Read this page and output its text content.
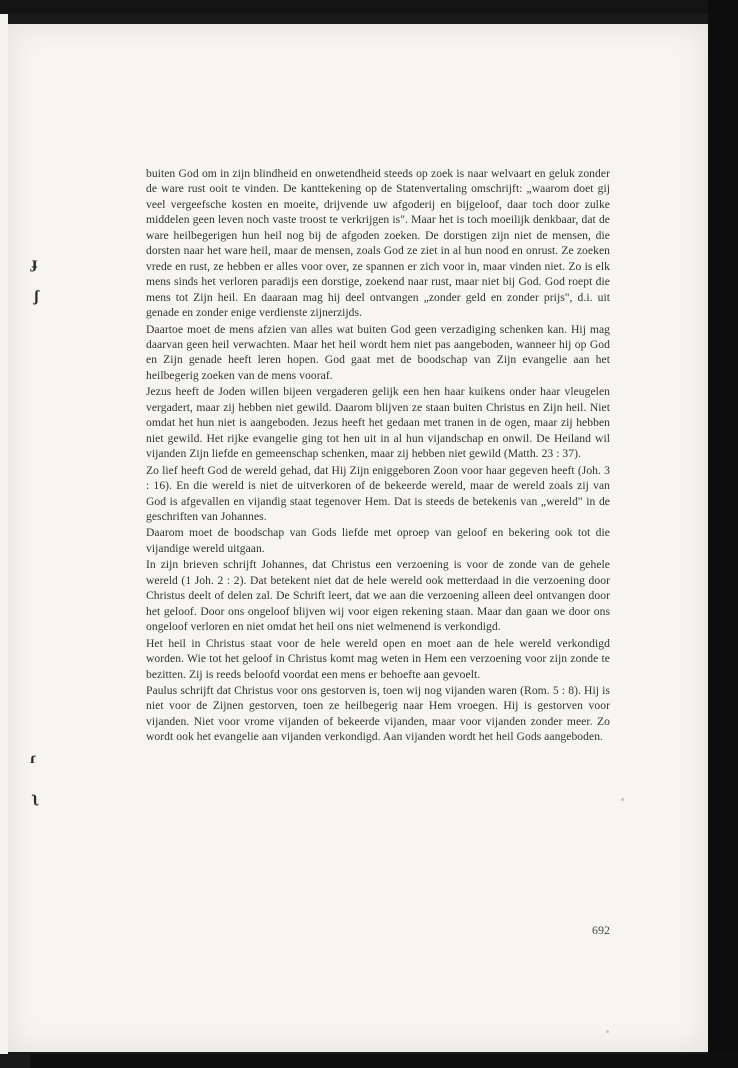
ɟ
ʃ
ɾ
ʅ

buiten God om in zijn blindheid en onwetendheid steeds op zoek is naar welvaart en geluk zonder de ware rust ooit te vinden. De kanttekening op de Statenvertaling omschrijft: „waarom doet gij veel vergeefsche kosten en moeite, drijvende uw afgoderij en bijgeloof, daar toch door zulke middelen geen leven noch vaste troost te verkrijgen is". Maar het is toch moeilijk denkbaar, dat de ware heilbegerigen hun heil nog bij de afgoden zoeken. De dorstigen zijn niet de mensen, die dorsten naar het ware heil, maar de mensen, zoals God ze ziet in al hun nood en onrust. Ze zoeken vrede en rust, ze hebben er alles voor over, ze spannen er zich voor in, maar vinden niet. Zo is elk mens sinds het verloren paradijs een dorstige, zoekend naar rust, maar niet bij God. God roept die mens tot Zijn heil. En daaraan mag hij deel ontvangen „zonder geld en zonder prijs", d.i. uit genade en zonder enige verdienste zijnerzijds.

Daartoe moet de mens afzien van alles wat buiten God geen verzadiging schenken kan. Hij mag daarvan geen heil verwachten. Maar het heil wordt hem niet pas aangeboden, wanneer hij op God en Zijn genade heeft leren hopen. God gaat met de boodschap van Zijn evangelie aan het heilbegerig zoeken van de mens vooraf.

Jezus heeft de Joden willen bijeen vergaderen gelijk een hen haar kuikens onder haar vleugelen vergadert, maar zij hebben niet gewild. Daarom blijven ze staan buiten Christus en Zijn heil. Niet omdat het hun niet is aangeboden. Jezus heeft het gedaan met tranen in de ogen, maar zij hebben niet gewild. Het rijke evangelie ging tot hen uit in al hun vijandschap en onwil. De Heiland wil vijanden Zijn liefde en gemeenschap schenken, maar zij hebben niet gewild (Matth. 23 : 37).

Zo lief heeft God de wereld gehad, dat Hij Zijn eniggeboren Zoon voor haar gegeven heeft (Joh. 3 : 16). En die wereld is niet de uitverkoren of de bekeerde wereld, maar de wereld zoals zij van God is afgevallen en vijandig staat tegenover Hem. Dat is steeds de betekenis van „wereld" in de geschriften van Johannes.

Daarom moet de boodschap van Gods liefde met oproep van geloof en bekering ook tot die vijandige wereld uitgaan.

In zijn brieven schrijft Johannes, dat Christus een verzoening is voor de zonde van de gehele wereld (1 Joh. 2 : 2). Dat betekent niet dat de hele wereld ook metterdaad in die verzoening door Christus deelt of delen zal. De Schrift leert, dat we aan die verzoening alleen deel ontvangen door het geloof. Door ons ongeloof blijven wij voor eigen rekening staan. Maar dan gaan we door ons ongeloof verloren en niet omdat het heil ons niet welmenend is verkondigd.

Het heil in Christus staat voor de hele wereld open en moet aan de hele wereld verkondigd worden. Wie tot het geloof in Christus komt mag weten in Hem een verzoening voor zijn zonde te bezitten. Zij is reeds beloofd voordat een mens er behoefte aan gevoelt.

Paulus schrijft dat Christus voor ons gestorven is, toen wij nog vijanden waren (Rom. 5 : 8). Hij is niet voor de Zijnen gestorven, toen ze heilbegerig naar Hem vroegen. Hij is gestorven voor vijanden. Niet voor vrome vijanden of bekeerde vijanden, maar voor vijanden zonder meer. Zo wordt ook het evangelie aan vijanden verkondigd. Aan vijanden wordt het heil Gods aangeboden.

692
